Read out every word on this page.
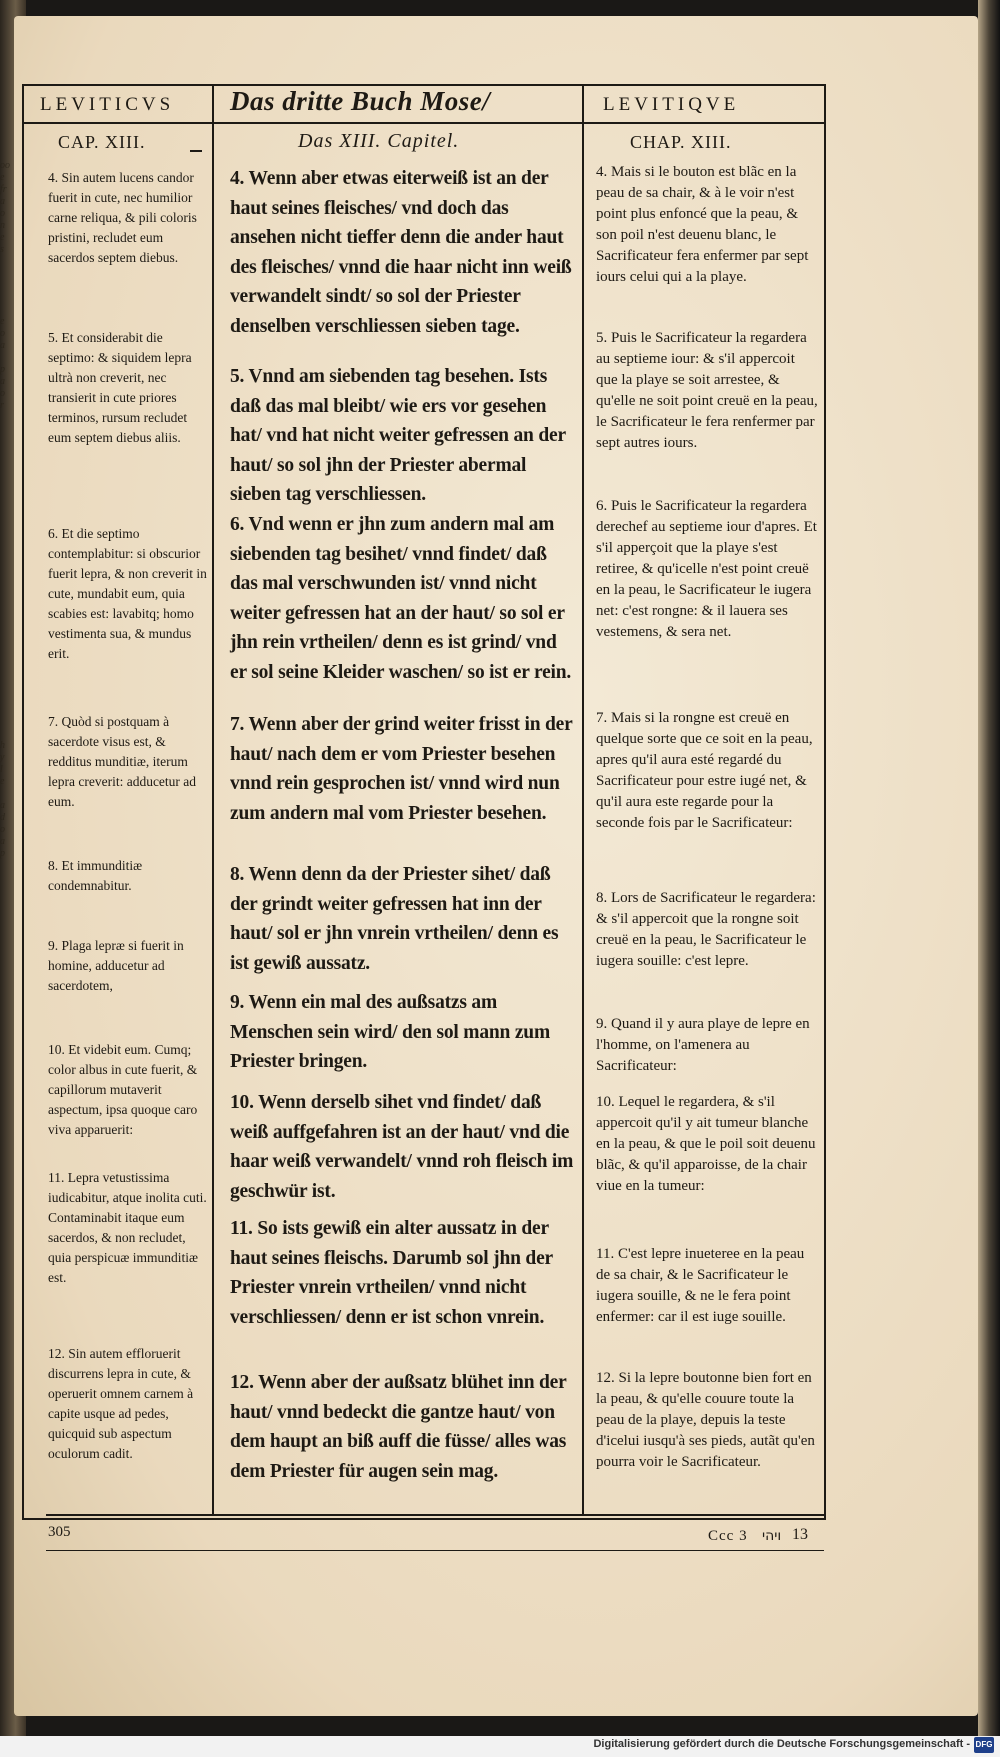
oo
e
fr
a
o
n
e
s

e
o
a

p
a
o
r
h
y
l
e

a
d
o
a
p
LEVITICVS Das dritte Buch Mose/	LEVITIQVE
CAP. XIII.	Das XIII. Capitel.	CHAP. XIII.

4. Sin autem lucens candor fuerit in cute, nec humilior carne reliqua, & pili coloris pristini, recludet eum sacerdos septem diebus.

5. Et considerabit die septimo: & siquidem lepra ultrà non creverit, nec transierit in cute priores terminos, rursum recludet eum septem diebus aliis.

6. Et die septimo contemplabitur: si obscurior fuerit lepra, & non creverit in cute, mundabit eum, quia scabies est: lavabitq; homo vestimenta sua, & mundus erit.

7. Quòd si postquam à sacerdote visus est, & redditus munditiæ, iterum lepra creverit: adducetur ad eum.

8. Et immunditiæ condemnabitur.

9. Plaga lepræ si fuerit in homine, adducetur ad sacerdotem,

10. Et videbit eum. Cumq; color albus in cute fuerit, & capillorum mutaverit aspectum, ipsa quoque caro viva apparuerit:

11. Lepra vetustissima iudicabitur, atque inolita cuti. Contaminabit itaque eum sacerdos, & non recludet, quia perspicuæ immunditiæ est.

12. Sin autem effloruerit discurrens lepra in cute, & operuerit omnem carnem à capite usque ad pedes, quicquid sub aspectum oculorum cadit.

4. Wenn aber etwas eiterweiß ist an der haut seines fleisches/ vnd doch das ansehen nicht tieffer denn die ander haut des fleisches/ vnnd die haar nicht inn weiß verwandelt sindt/ so sol der Priester denselben verschliessen sieben tage.

5. Vnnd am siebenden tag besehen. Ists daß das mal bleibt/ wie ers vor gesehen hat/ vnd hat nicht weiter gefressen an der haut/ so sol jhn der Priester abermal sieben tag verschliessen.

6. Vnd wenn er jhn zum andern mal am siebenden tag besihet/ vnnd findet/ daß das mal verschwunden ist/ vnnd nicht weiter gefressen hat an der haut/ so sol er jhn rein vrtheilen/ denn es ist grind/ vnd er sol seine Kleider waschen/ so ist er rein.

7. Wenn aber der grind weiter frisst in der haut/ nach dem er vom Priester besehen vnnd rein gesprochen ist/ vnnd wird nun zum andern mal vom Priester besehen.

8. Wenn denn da der Priester sihet/ daß der grindt weiter gefressen hat inn der haut/ sol er jhn vnrein vrtheilen/ denn es ist gewiß aussatz.

9. Wenn ein mal des außsatzs am Menschen sein wird/ den sol mann zum Priester bringen.

10. Wenn derselb sihet vnd findet/ daß weiß auffgefahren ist an der haut/ vnd die haar weiß verwandelt/ vnnd roh fleisch im geschwür ist.

11. So ists gewiß ein alter aussatz in der haut seines fleischs. Darumb sol jhn der Priester vnrein vrtheilen/ vnnd nicht verschliessen/ denn er ist schon vnrein.

12. Wenn aber der außsatz blühet inn der haut/ vnnd bedeckt die gantze haut/ von dem haupt an biß auff die füsse/ alles was dem Priester für augen sein mag.

4. Mais si le bouton est blãc en la peau de sa chair, & à le voir n'est point plus enfoncé que la peau, & son poil n'est deuenu blanc, le Sacrificateur fera enfermer par sept iours celui qui a la playe.

5. Puis le Sacrificateur la regardera au septieme iour: & s'il appercoit que la playe se soit arrestee, & qu'elle ne soit point creuë en la peau, le Sacrificateur le fera renfermer par sept autres iours.

6. Puis le Sacrificateur la regardera derechef au septieme iour d'apres. Et s'il apperçoit que la playe s'est retiree, & qu'icelle n'est point creuë en la peau, le Sacrificateur le iugera net: c'est rongne: & il lauera ses vestemens, & sera net.

7. Mais si la rongne est creuë en quelque sorte que ce soit en la peau, apres qu'il aura esté regardé du Sacrificateur pour estre iugé net, & qu'il aura este regarde pour la seconde fois par le Sacrificateur:

8. Lors de Sacrificateur le regardera: & s'il appercoit que la rongne soit creuë en la peau, le Sacrificateur le iugera souille: c'est lepre.

9. Quand il y aura playe de lepre en l'homme, on l'amenera au Sacrificateur:

10. Lequel le regardera, & s'il appercoit qu'il y ait tumeur blanche en la peau, & que le poil soit deuenu blãc, & qu'il apparoisse, de la chair viue en la tumeur:

11. C'est lepre inueteree en la peau de sa chair, & le Sacrificateur le iugera souille, & ne le fera point enfermer: car il est iuge souille.

12. Si la lepre boutonne bien fort en la peau, & qu'elle couure toute la peau de la playe, depuis la teste d'icelui iusqu'à ses pieds, autãt qu'en pourra voir le Sacrificateur.

305	Ccc 3 ויהי 13
Digitalisierung gefördert durch die Deutsche Forschungsgemeinschaft - DFG
